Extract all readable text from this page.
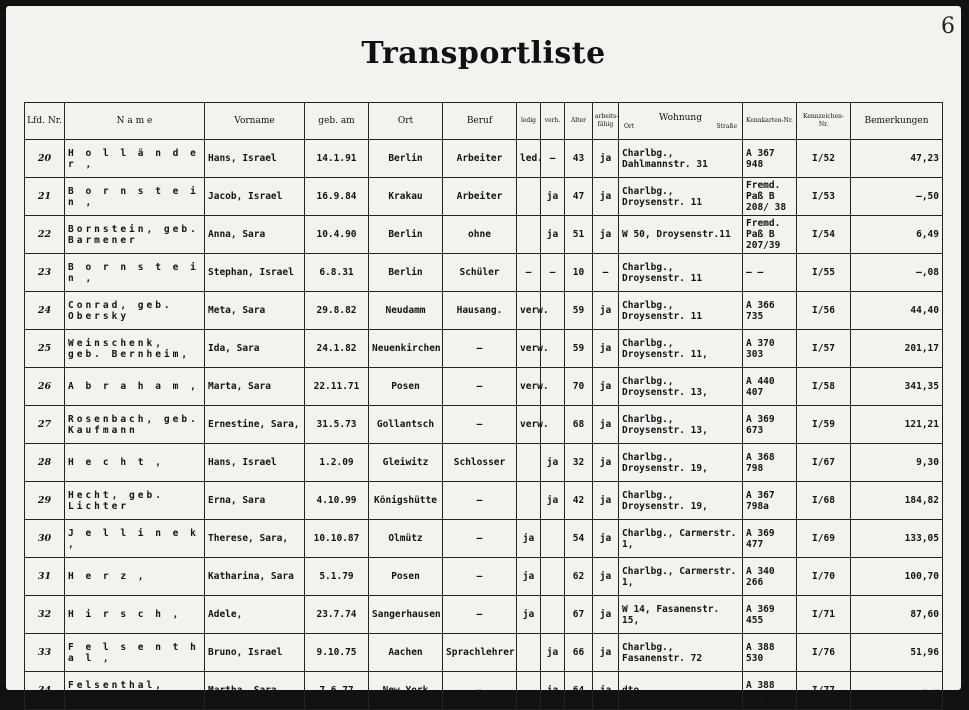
6
Transportliste
Lfd. Nr.	N a m e	Vorname	geb. am	Ort	Beruf	ledig	verh.	Alter	arbeits-fähig	Wohnung
Ort Straße	Kennkarten-Nr.	Kennzeichen-Nr.	Bemerkungen
20	H o l l ä n d e r ,	Hans, Israel	14.1.91	Berlin	Arbeiter	led.	–	43	ja	Charlbg., Dahlmannstr. 31	A 367 948	I/52	47,23
21	B o r n s t e i n ,	Jacob, Israel	16.9.84	Krakau	Arbeiter		ja	47	ja	Charlbg., Droysenstr. 11	Fremd. Paß B 208/ 38	I/53	–,50
22	Bornstein, geb. Barmener	Anna, Sara	10.4.90	Berlin	ohne		ja	51	ja	W 50, Droysenstr.11	Fremd. Paß B 207/39	I/54	6,49
23	B o r n s t e i n ,	Stephan, Israel	6.8.31	Berlin	Schüler	–	–	10	–	Charlbg., Droysenstr. 11	– –	I/55	–,08
24	Conrad, geb. Obersky	Meta, Sara	29.8.82	Neudamm	Hausang.	verw.		59	ja	Charlbg., Droysenstr. 11	A 366 735	I/56	44,40
25	Weinschenk, geb. Bernheim,	Ida, Sara	24.1.82	Neuenkirchen	–	verw.		59	ja	Charlbg., Droysenstr. 11,	A 370 303	I/57	201,17
26	A b r a h a m ,	Marta, Sara	22.11.71	Posen	–	verw.		70	ja	Charlbg., Droysenstr. 13,	A 440 407	I/58	341,35
27	Rosenbach, geb. Kaufmann	Ernestine, Sara,	31.5.73	Gollantsch	–	verw.		68	ja	Charlbg., Droysenstr. 13,	A 369 673	I/59	121,21
28	H e c h t ,	Hans, Israel	1.2.09	Gleiwitz	Schlosser		ja	32	ja	Charlbg., Droysenstr. 19,	A 368 798	I/67	9,30
29	Hecht, geb. Lichter	Erna, Sara	4.10.99	Königshütte	–		ja	42	ja	Charlbg., Droysenstr. 19,	A 367 798a	I/68	184,82
30	J e l l i n e k ,	Therese, Sara,	10.10.87	Olmütz	–	ja		54	ja	Charlbg., Carmerstr. 1,	A 369 477	I/69	133,05
31	H e r z ,	Katharina, Sara	5.1.79	Posen	–	ja		62	ja	Charlbg., Carmerstr. 1,	A 340 266	I/70	100,70
32	H i r s c h ,	Adele,	23.7.74	Sangerhausen	–	ja		67	ja	W 14, Fasanenstr. 15,	A 369 455	I/71	87,60
33	F e l s e n t h a l ,	Bruno, Israel	9.10.75	Aachen	Sprachlehrer		ja	66	ja	Charlbg., Fasanenstr. 72	A 388 530	I/76	51,96
34	Felsenthal, geb. Wolff	Martha, Sara	7.6.77	New York	–		ja	64	ja	dto.,	A 388 531	I/77	– –
